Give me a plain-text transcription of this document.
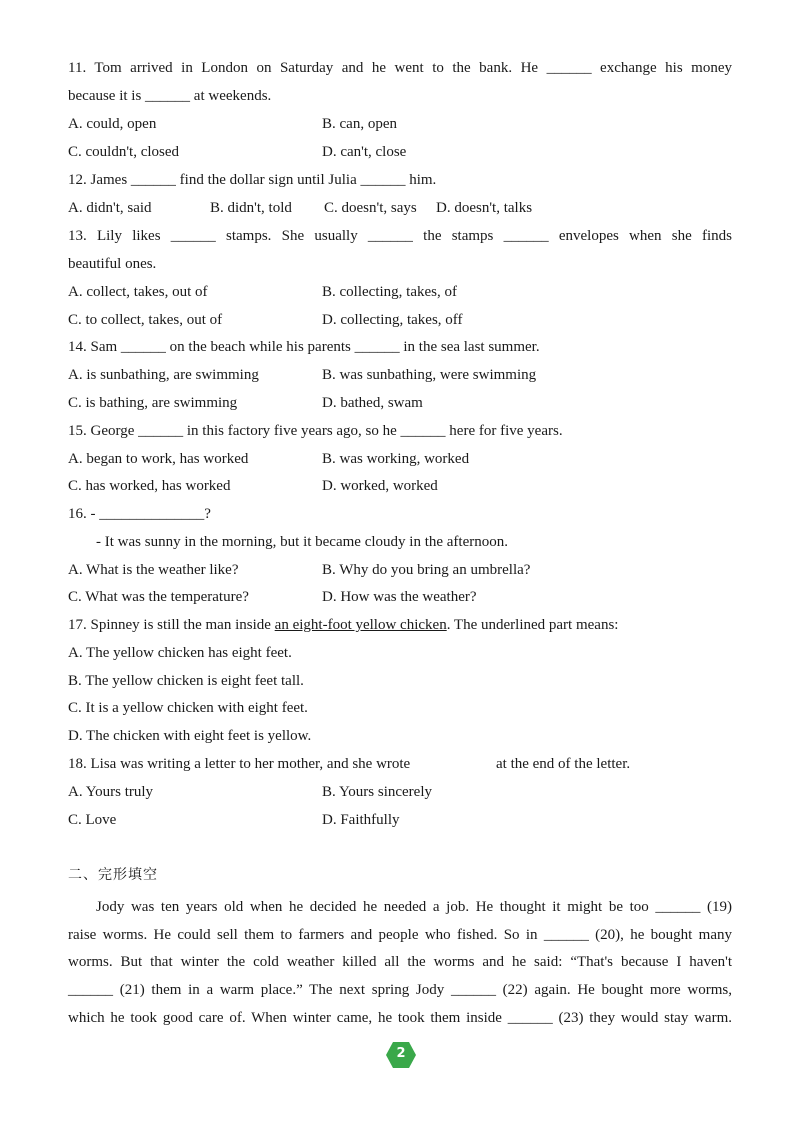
11. Tom arrived in London on Saturday and he went to the bank. He ______ exchange his money
because it is ______ at weekends.
A. could, open	B. can, open
C. couldn't, closed	D. can't, close
12. James ______ find the dollar sign until Julia ______ him.
A. didn't, said	B. didn't, told C. doesn't, says D. doesn't, talks
13. Lily likes ______ stamps. She usually ______ the stamps ______ envelopes when she finds
beautiful ones.
A. collect, takes, out of	B. collecting, takes, of
C. to collect, takes, out of	D. collecting, takes, off
14. Sam ______ on the beach while his parents ______ in the sea last summer.
A. is sunbathing, are swimming	B. was sunbathing, were swimming
C. is bathing, are swimming	D. bathed, swam
15. George ______ in this factory five years ago, so he ______ here for five years.
A. began to work, has worked	B. was working, worked
C. has worked, has worked	D. worked, worked
16. - ______________?
- It was sunny in the morning, but it became cloudy in the afternoon.
A. What is the weather like?	B. Why do you bring an umbrella?
C. What was the temperature?	D. How was the weather?
17. Spinney is still the man inside an eight-foot yellow chicken. The underlined part means:
A. The yellow chicken has eight feet.
B. The yellow chicken is eight feet tall.
C. It is a yellow chicken with eight feet.
D. The chicken with eight feet is yellow.
18. Lisa was writing a letter to her mother, and she wrote	at the end of the letter.
A. Yours truly	B. Yours sincerely
C. Love	D. Faithfully
二、完形填空
Jody was ten years old when he decided he needed a job. He thought it might be too ______ (19)
raise worms. He could sell them to farmers and people who fished. So in ______ (20), he bought many
worms. But that winter the cold weather killed all the worms and he said: “That's because I haven't
______ (21) them in a warm place.” The next spring Jody ______ (22) again. He bought more worms,
which he took good care of. When winter came, he took them inside ______ (23) they would stay warm.
2
